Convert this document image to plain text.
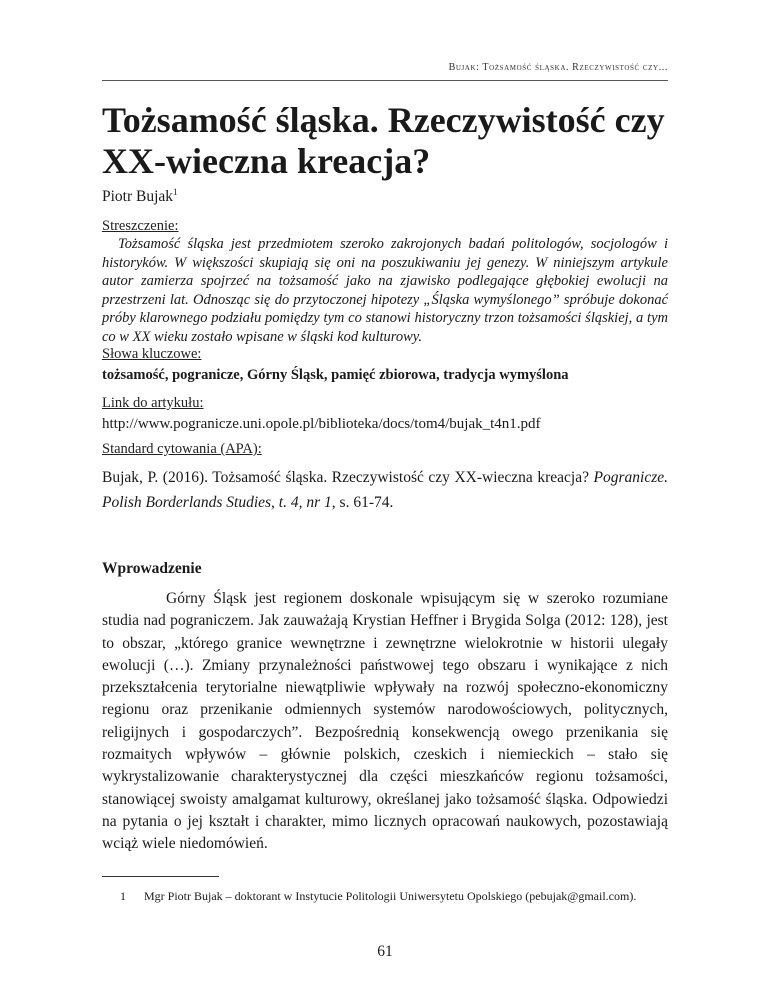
Bujak: Tożsamość śląska. Rzeczywistość czy...
Tożsamość śląska. Rzeczywistość czy XX-wieczna kreacja?
Piotr Bujak$^1$
Streszczenie:

Tożsamość śląska jest przedmiotem szeroko zakrojonych badań politologów, socjologów i historyków. W większości skupiają się oni na poszukiwaniu jej genezy. W niniejszym artykule autor zamierza spojrzeć na tożsamość jako na zjawisko podlegające głębokiej ewolucji na przestrzeni lat. Odnosząc się do przytoczonej hipotezy „Śląska wymyślonego” spróbuje dokonać próby klarownego podziału pomiędzy tym co stanowi historyczny trzon tożsamości śląskiej, a tym co w XX wieku zostało wpisane w śląski kod kulturowy.

Słowa kluczowe:
tożsamość, pogranicze, Górny Śląsk, pamięć zbiorowa, tradycja wymyślona
Link do artykułu:
http://www.pogranicze.uni.opole.pl/biblioteka/docs/tom4/bujak_t4n1.pdf
Standard cytowania (APA):

Bujak, P. (2016). Tożsamość śląska. Rzeczywistość czy XX-wieczna kreacja? Pogranicze. Polish Borderlands Studies, t. 4, nr 1, s. 61-74.

Wprowadzenie

Górny Śląsk jest regionem doskonale wpisującym się w szeroko rozumiane studia nad pograniczem. Jak zauważają Krystian Heffner i Brygida Solga (2012: 128), jest to obszar, „którego granice wewnętrzne i zewnętrzne wielokrotnie w historii ulegały ewolucji (…). Zmiany przynależności państwowej tego obszaru i wynikające z nich przekształcenia terytorialne niewątpliwie wpływały na rozwój społeczno-ekonomiczny regionu oraz przenikanie odmiennych systemów narodowościowych, politycznych, religijnych i gospodarczych”. Bezpośrednią konsekwencją owego przenikania się rozmaitych wpływów – głównie polskich, czeskich i niemieckich – stało się wykrystalizowanie charakterystycznej dla części mieszkańców regionu tożsamości, stanowiącej swoisty amalgamat kulturowy, określanej jako tożsamość śląska. Odpowiedzi na pytania o jej kształt i charakter, mimo licznych opracowań naukowych, pozostawiają wciąż wiele niedomówień.

1 Mgr Piotr Bujak – doktorant w Instytucie Politologii Uniwersytetu Opolskiego (pebujak@gmail.com).
61
